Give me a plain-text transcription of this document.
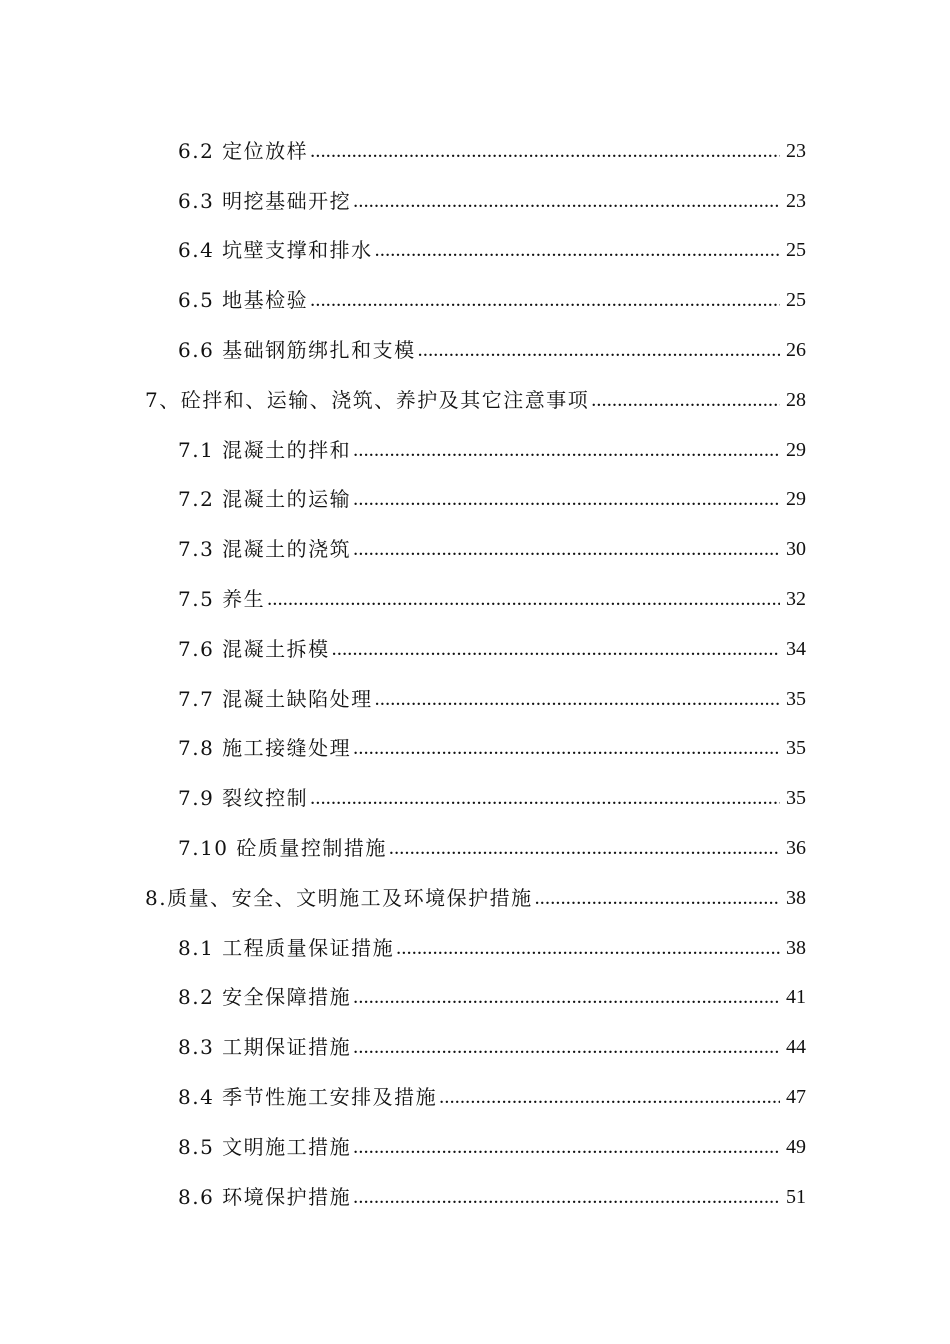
6.2 定位放样 .....	23
6.3 明挖基础开挖 .....	23
6.4 坑壁支撑和排水 .....	25
6.5 地基检验 .....	25
6.6 基础钢筋绑扎和支模 .....	26
7、砼拌和、运输、浇筑、养护及其它注意事项 .....	28
7.1 混凝土的拌和 .....	29
7.2 混凝土的运输 .....	29
7.3 混凝土的浇筑 .....	30
7.5 养生 .....	32
7.6 混凝土拆模 .....	34
7.7 混凝土缺陷处理 .....	35
7.8 施工接缝处理 .....	35
7.9 裂纹控制 .....	35
7.10 砼质量控制措施 .....	36
8.质量、安全、文明施工及环境保护措施 .....	38
8.1 工程质量保证措施 .....	38
8.2 安全保障措施 .....	41
8.3 工期保证措施 .....	44
8.4 季节性施工安排及措施 .....	47
8.5 文明施工措施 .....	49
8.6 环境保护措施 .....	51
